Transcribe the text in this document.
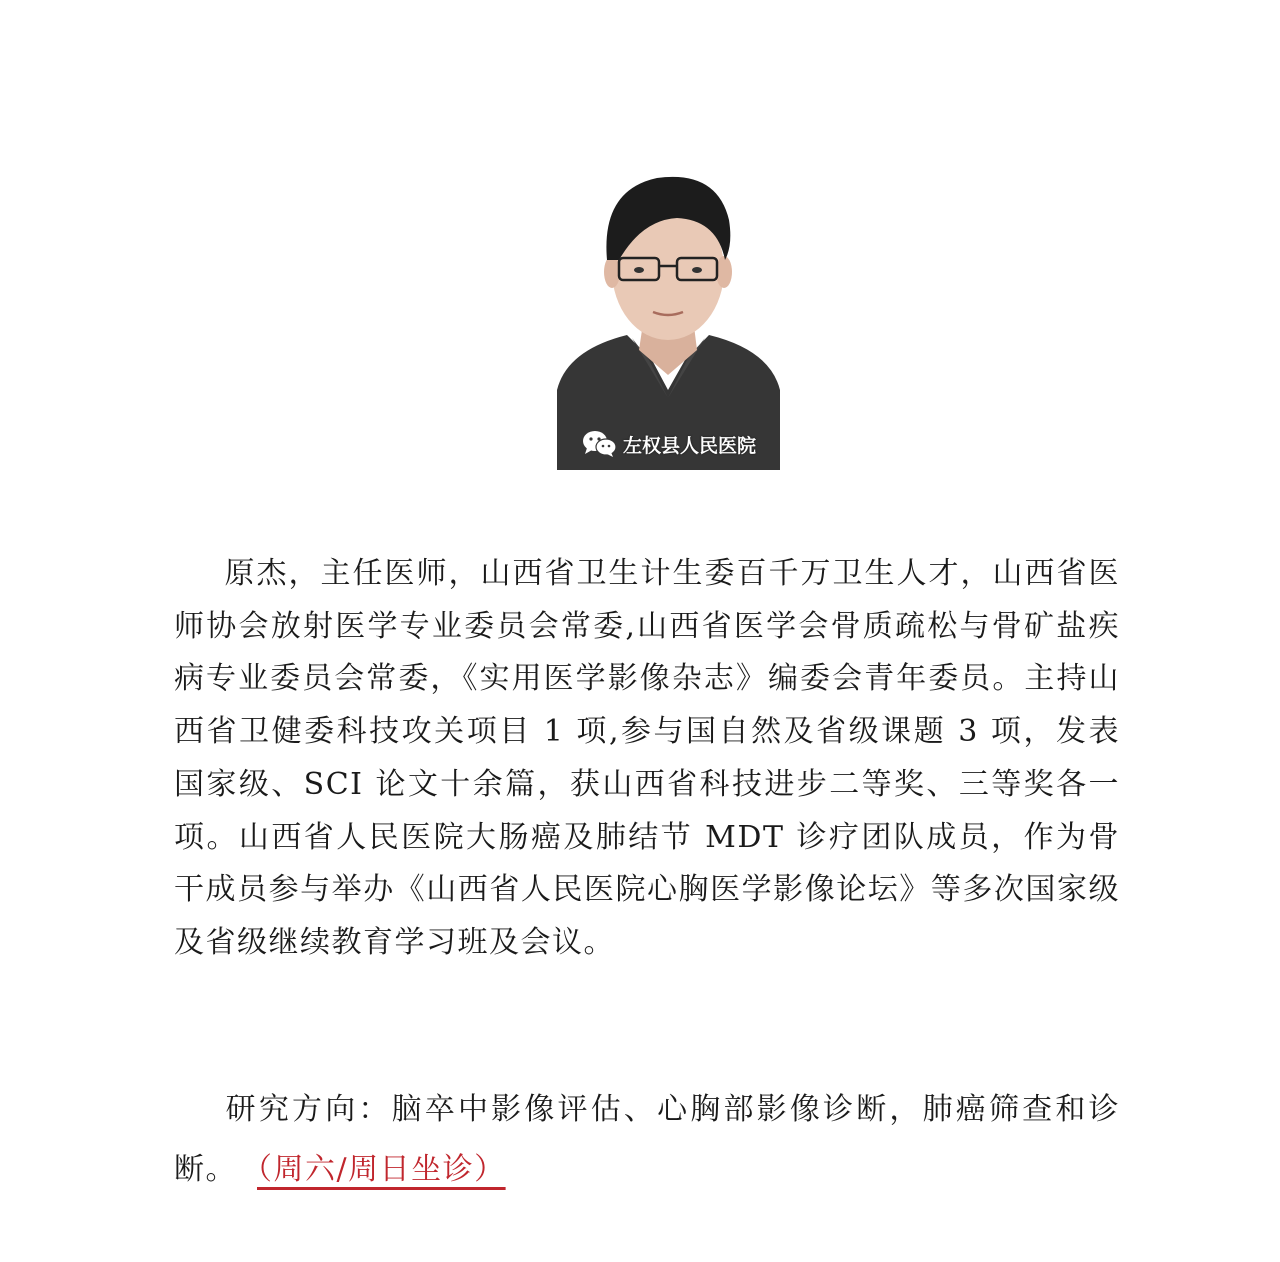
左权县人民医院

原杰，主任医师，山西省卫生计生委百千万卫生人才，山西省医师协会放射医学专业委员会常委,山西省医学会骨质疏松与骨矿盐疾病专业委员会常委，《实用医学影像杂志》编委会青年委员。主持山西省卫健委科技攻关项目 1 项,参与国自然及省级课题 3 项，发表国家级、SCI 论文十余篇，获山西省科技进步二等奖、三等奖各一项。山西省人民医院大肠癌及肺结节 MDT 诊疗团队成员，作为骨干成员参与举办《山西省人民医院心胸医学影像论坛》等多次国家级及省级继续教育学习班及会议。

研究方向：脑卒中影像评估、心胸部影像诊断，肺癌筛查和诊断。 （周六/周日坐诊）
